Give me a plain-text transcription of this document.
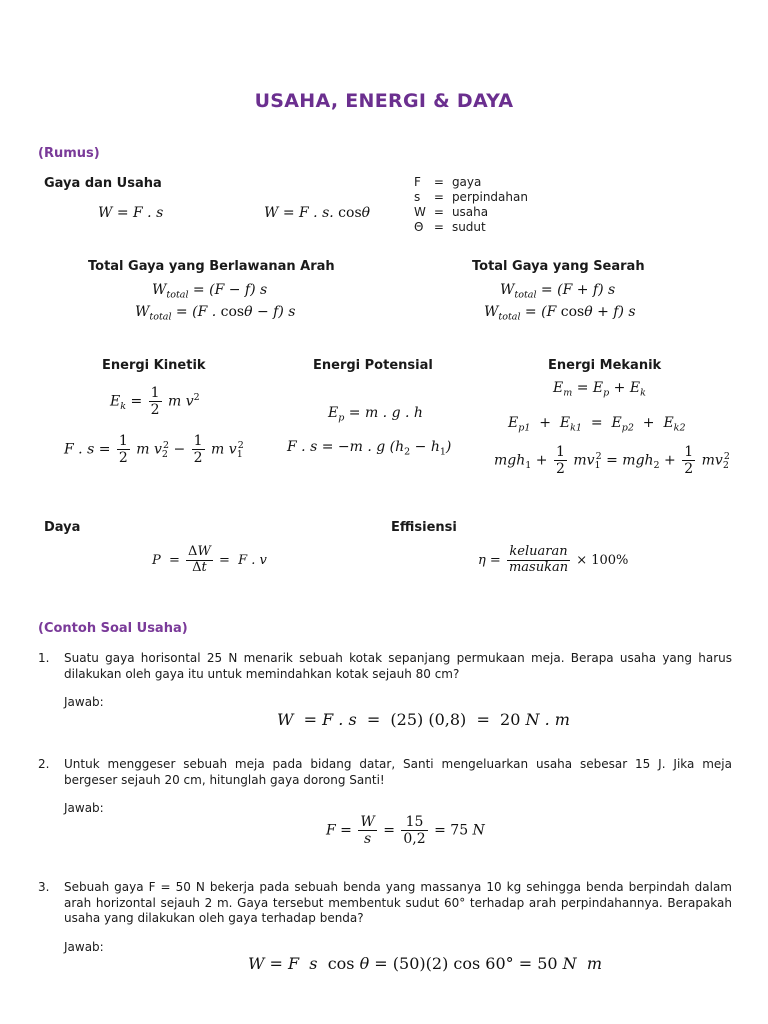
USAHA, ENERGI & DAYA
(Rumus)
Gaya dan Usaha
W = F . s	W = F . s. cosθ
F	=	gaya
s	=	perpindahan
W	=	usaha
Θ	=	sudut
Total Gaya yang Berlawanan Arah	Total Gaya yang Searah
$W_{total} = (F - f)$ s
$W_{total} = (F$ . cosθ − f) s
$W_{total} = (F + f)$ s
$W_{total} = (F$ cosθ + f) s
Energi Kinetik	Energi Potensial	Energi Mekanik
$E_k = \frac{1}{2}$ m $v^2$
F . $s = \frac{1}{2}$ m $v_2^2 - \frac{1}{2}$ m $v_1^2$
$E_p = m$ . g . h
F . s = −m . g $(h_2 - h_1)$
$E_m = E_p + E_k$
$E_{p1} + E_{k1} = E_{p2} + E_{k2}$
$mgh_1 + \frac{1}{2} mv_1^2 = mgh_2 + \frac{1}{2} mv_2^2$
Daya	Effisiensi
$P = \frac{\Delta W}{\Delta t} = F$ . v	$\eta = \frac{\text{keluaran}}{\text{masukan}} \times 100\%$
(Contoh Soal Usaha)
1. Suatu gaya horisontal 25 N menarik sebuah kotak sepanjang permukaan meja. Berapa usaha yang harus dilakukan oleh gaya itu untuk memindahkan kotak sejauh 80 cm?
Jawab:
W  = F . s  =  (25) (0,8)  =  20 N . m
2. Untuk menggeser sebuah meja pada bidang datar, Santi mengeluarkan usaha sebesar 15 J. Jika meja bergeser sejauh 20 cm, hitunglah gaya dorong Santi!
Jawab:
$F = \frac{W}{s} = \frac{15}{0,2} = 75$ N
3. Sebuah gaya F = 50 N bekerja pada sebuah benda yang massanya 10 kg sehingga benda berpindah dalam arah horizontal sejauh 2 m. Gaya tersebut membentuk sudut 60° terhadap arah perpindahannya. Berapakah usaha yang dilakukan oleh gaya terhadap benda?
Jawab:
W = F  s  cos θ = (50)(2) cos 60° = 50 N  m
